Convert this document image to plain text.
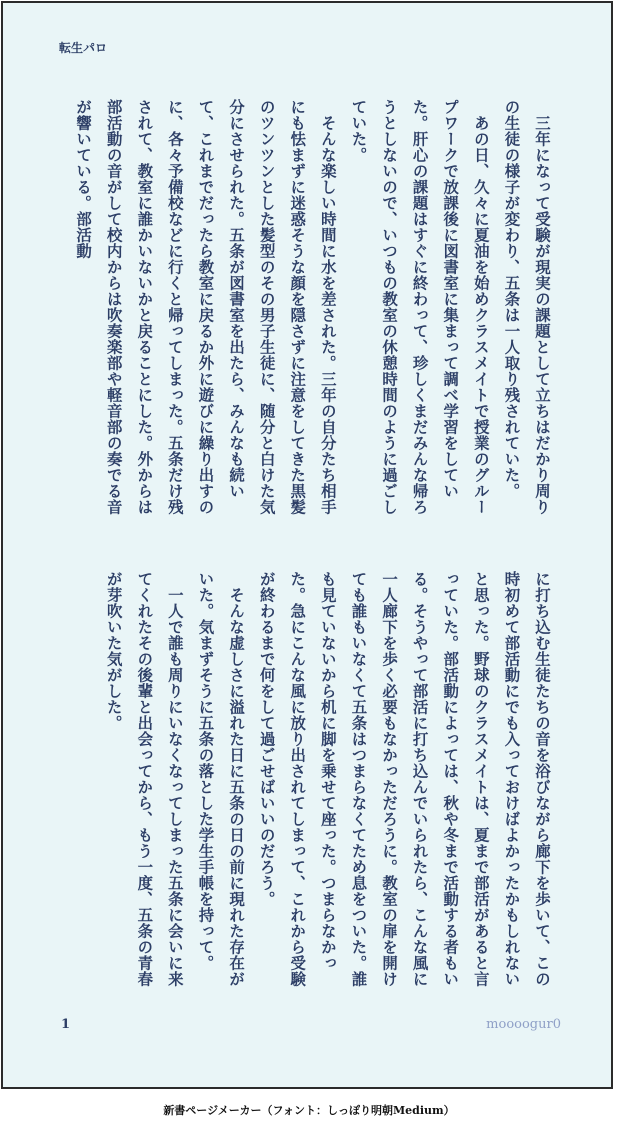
転生パロ

　三年になって受験が現実の課題として立ちはだかり周りの生徒の様子が変わり、五条は一人取り残されていた。

　あの日、久々に夏油を始めクラスメイトで授業のグループワークで放課後に図書室に集まって調べ学習をしていた。肝心の課題はすぐに終わって、珍しくまだみんな帰ろうとしないので、いつもの教室の休憩時間のように過ごしていた。

　そんな楽しい時間に水を差された。三年の自分たち相手にも怯まずに迷惑そうな顔を隠さずに注意をしてきた黒髪のツンツンとした髪型のその男子生徒に、随分と白けた気分にさせられた。五条が図書室を出たら、みんなも続いて、これまでだったら教室に戻るか外に遊びに繰り出すのに、各々予備校などに行くと帰ってしまった。五条だけ残されて、教室に誰かいないかと戻ることにした。外からは部活動の音がして校内からは吹奏楽部や軽音部の奏でる音が響いている。部活動

に打ち込む生徒たちの音を浴びながら廊下を歩いて、この時初めて部活動にでも入っておけばよかったかもしれないと思った。野球のクラスメイトは、夏まで部活があると言っていた。部活動によっては、秋や冬まで活動する者もいる。そうやって部活に打ち込んでいられたら、こんな風に一人廊下を歩く必要もなかっただろうに。教室の扉を開けても誰もいなくて五条はつまらなくてため息をついた。誰も見ていないから机に脚を乗せて座った。つまらなかった。急にこんな風に放り出されてしまって、これから受験が終わるまで何をして過ごせばいいのだろう。

　そんな虚しさに溢れた日に五条の日の前に現れた存在がいた。気まずそうに五条の落とした学生手帳を持って。

　一人で誰も周りにいなくなってしまった五条に会いに来てくれたその後輩と出会ってから、もう一度、五条の青春が芽吹いた気がした。

1	moooogur0
新書ページメーカー（フォント：しっぽり明朝Medium）
